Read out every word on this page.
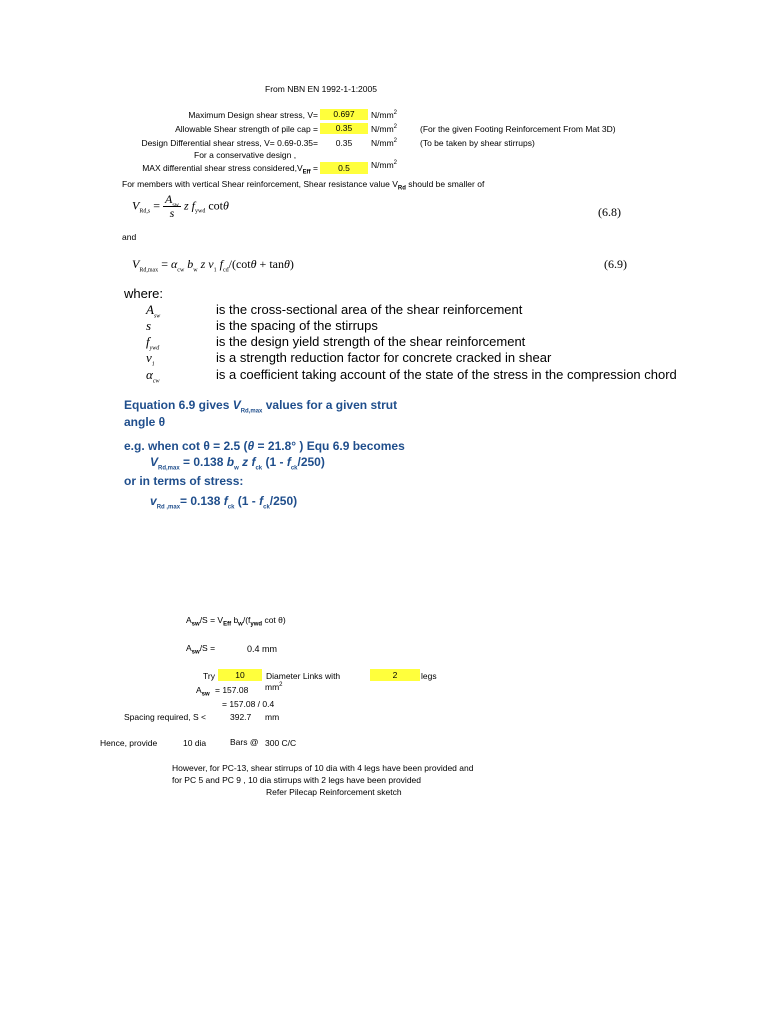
From NBN EN 1992-1-1:2005
Maximum Design shear stress, V=	0.697	$N/mm^2$
Allowable Shear strength of pile cap =	0.35	$N/mm^2$	(For the given Footing Reinforcement From Mat 3D)
Design Differential shear stress, V= 0.69-0.35=	0.35	$N/mm^2$	(To be taken by shear stirrups)
For a conservative design ,
MAX differential shear stress $considered,V_{Eff}$ =	0.5	$N/mm^2$
For members with vertical Shear reinforcement, Shear resistance value $V_{Rd}$ should be smaller of
$V_{Rd,s} = \frac{A_{sw}}{s}$ z $f_{ywd}$ cotθ	(6.8)
and
$V_{Rd,max} = \alpha_{cw}$ $b_w$ z $\nu_1$ $f_{cd}/(\cot\theta + \tan\theta)$	(6.9)
where:
$A_{sw}$	is the cross-sectional area of the shear reinforcement
s	is the spacing of the stirrups
$f_{ywd}$	is the design yield strength of the shear reinforcement
$\nu_1$	is a strength reduction factor for concrete cracked in shear
$\alpha_{cw}$	is a coefficient taking account of the state of the stress in the compression chord
Equation 6.9 gives $V_{Rd,max}$ values for a given strut
angle θ
e.g. when cot θ = 2.5 (θ = 21.8° ) Equ 6.9 becomes
$V_{Rd,max} = 0.138$ $b_w$ z $f_{ck}$ $(1 - f_{ck}/250)$
or in terms of stress:
$v_{Rd ,max}= 0.138$ $f_{ck}$ $(1 - f_{ck}/250)$
$A_{sw}/S = V_{Eff}$ $b_w/(f_{ywd}$ cot θ)
$A_{sw}/S$ =	0.4 mm
Try	10	Diameter Links with	2	legs
$A_{sw} = 157.08$ $mm^2$
= 157.08 / 0.4
Spacing required, S <	392.7 mm
Hence, provide	10 dia	Bars @ 300 C/C
However, for PC-13, shear stirrups of 10 dia with 4 legs have been provided and
for PC 5 and PC 9 , 10 dia stirrups with 2 legs have been provided
Refer Pilecap Reinforcement sketch
